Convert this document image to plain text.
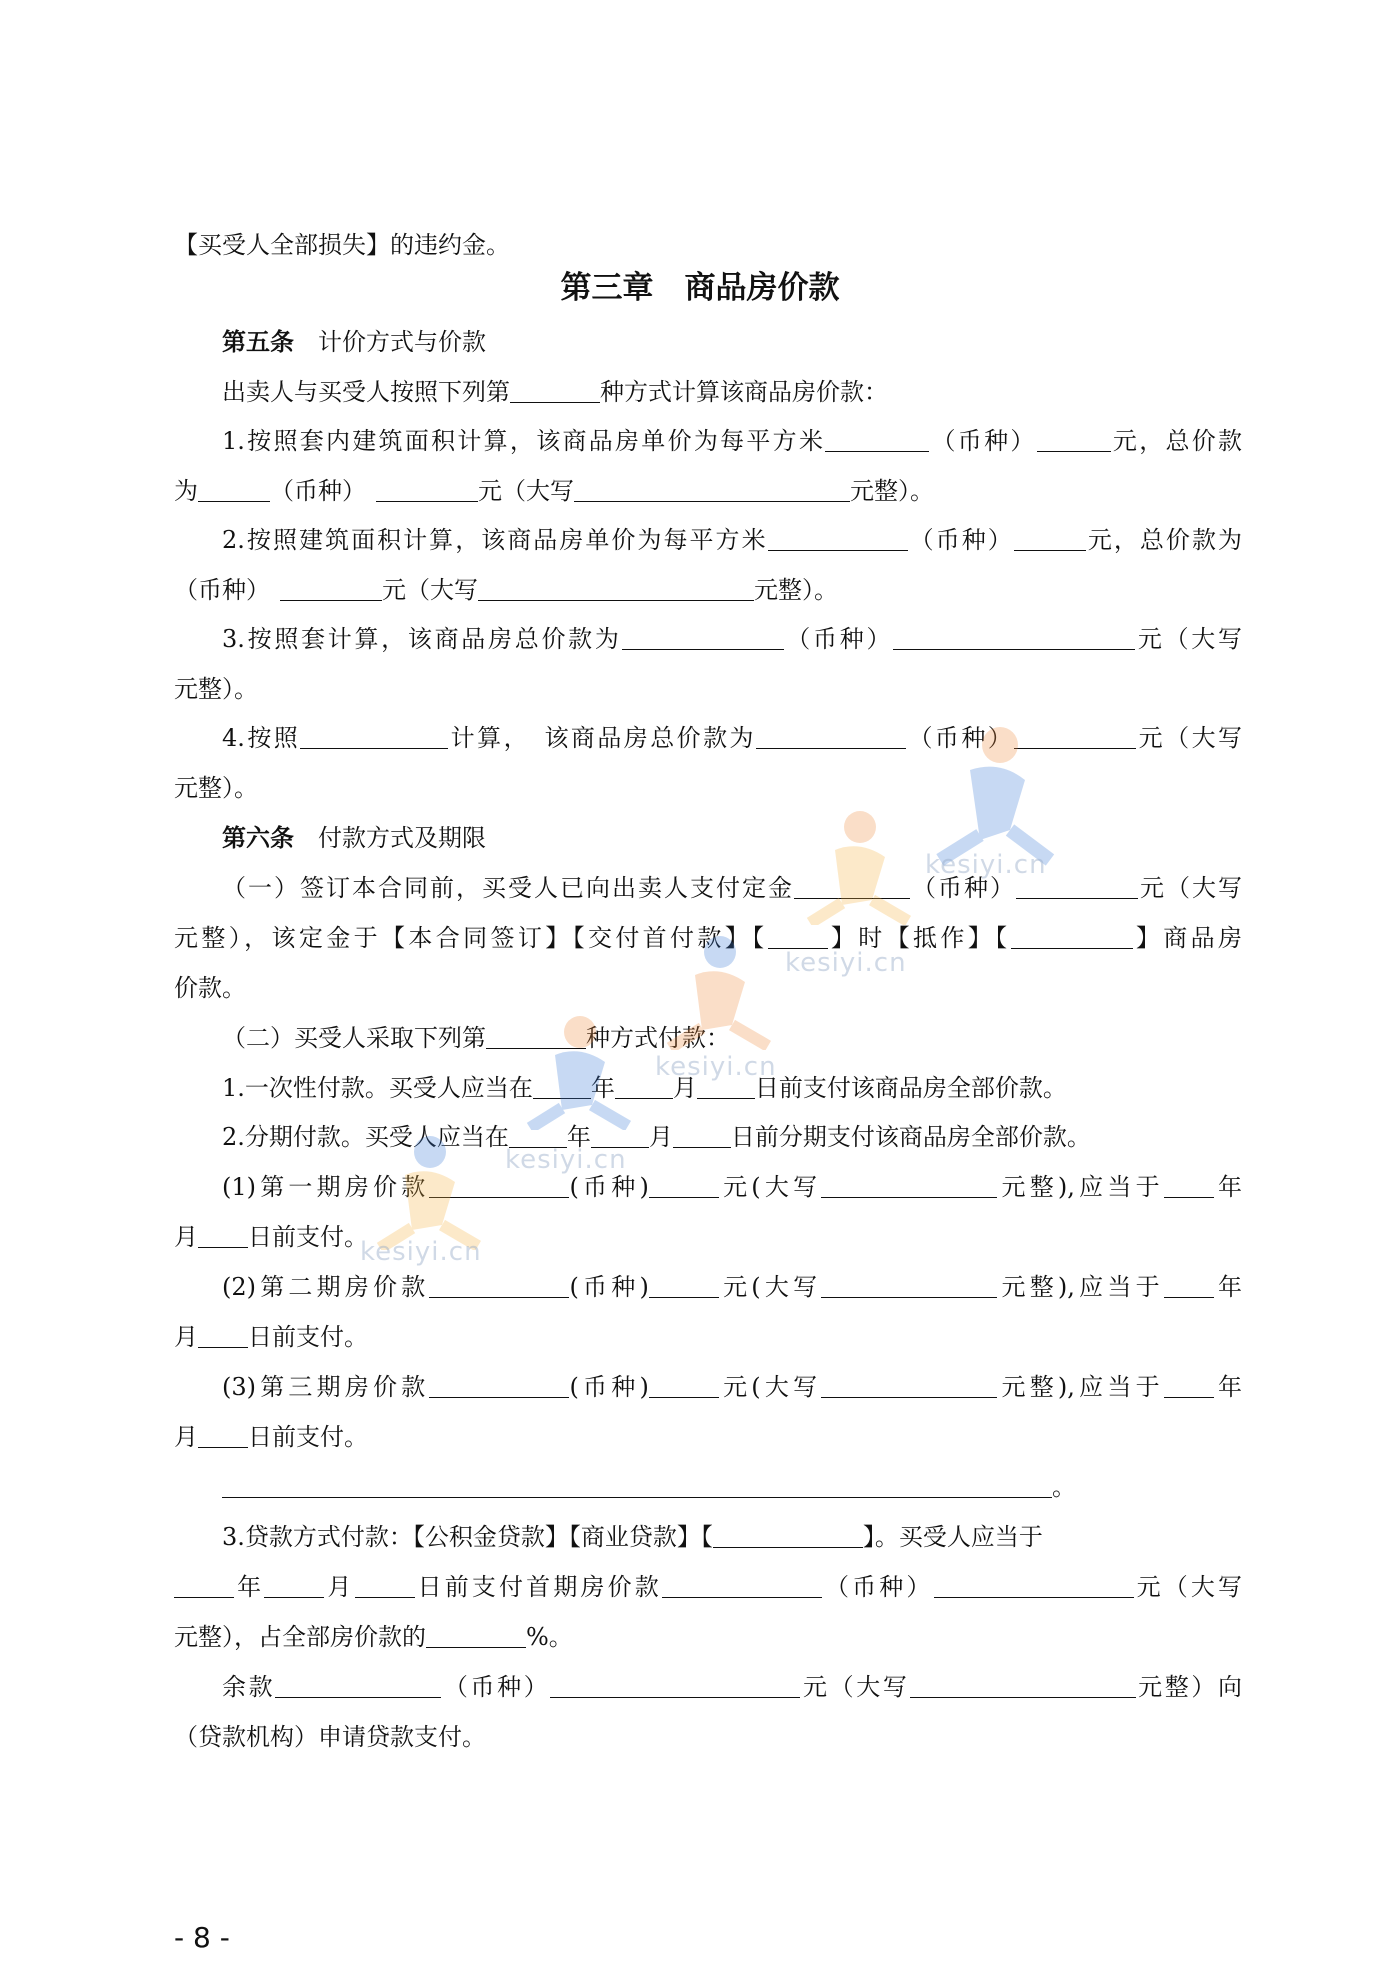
【买受人全部损失】的违约金。
第三章　商品房价款
第五条 计价方式与价款
出卖人与买受人按照下列第	种方式计算该商品房价款：
1.按照套内建筑面积计算，该商品房单价为每平方米	（币种）	元，总价款
为	（币种）	元（大写	元整）。
2.按照建筑面积计算，该商品房单价为每平方米	（币种）	元，总价款为
（币种）	元（大写	元整）。
3.按照套计算，该商品房总价款为	（币种）	元（大写
元整）。
4.按照	计算，　该商品房总价款为	（币种）	元（大写
元整）。
第六条 付款方式及期限
（一）签订本合同前，买受人已向出卖人支付定金	（币种）	元（大写
元整），该定金于【本合同签订】【交付首付款】【	】时【抵作】【	】商品房
价款。
（二）买受人采取下列第	种方式付款：
1.一次性付款。买受人应当在 年 月 日前支付该商品房全部价款。
2.分期付款。买受人应当在 年 月 日前分期支付该商品房全部价款。
(1)第一期房价款	(币种)	元(大写	元整),应当于 年
月 日前支付。
(2)第二期房价款	(币种)	元(大写	元整),应当于 年
月 日前支付。
(3)第三期房价款	(币种)	元(大写	元整),应当于 年
月 日前支付。
。
3.贷款方式付款：【公积金贷款】【商业贷款】【	】。买受人应当于
年	月	日前支付首期房价款	（币种）	元（大写
元整），占全部房价款的	%。
余款	（币种）	元（大写	元整）向
（贷款机构）申请贷款支付。
- 8 -
kesiyi.cn
kesiyi.cn
kesiyi.cn
kesiyi.cn
kesiyi.cn
